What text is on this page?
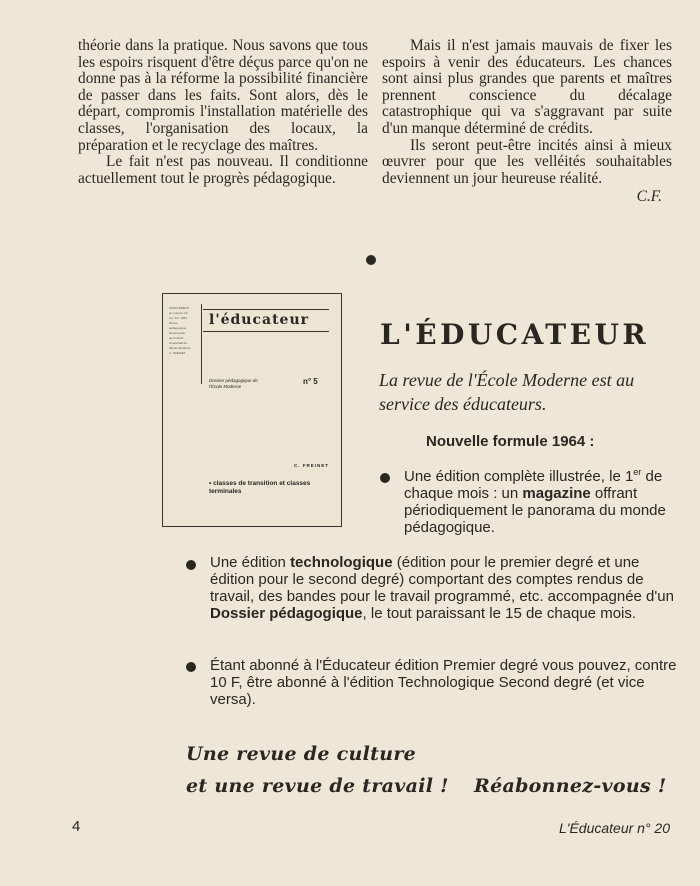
théorie dans la pratique. Nous savons que tous les espoirs risquent d'être déçus parce qu'on ne donne pas à la réforme la possibilité financière de passer dans les faits. Sont alors, dès le départ, compromis l'installation matérielle des classes, l'organisation des locaux, la préparation et le recyclage des maîtres.

Le fait n'est pas nouveau. Il conditionne actuellement tout le progrès pédagogique.

Mais il n'est jamais mauvais de fixer les espoirs à venir des éducateurs. Les chances sont ainsi plus grandes que parents et maîtres prennent conscience du décalage catastrophique qui va s'aggravant par suite d'un manque déterminé de crédits.

Ils seront peut-être incités ainsi à mieux œuvrer pour que les velléités souhaitables deviennent un jour heureuse réalité.

C.F.

SUPPLÉMENT
au numéro 20
1er Juil. 1964
Revue
pédagogique
bimensuelle
de l'Institut
Coopératif de
l'École Moderne
C. FREINET
l'éducateur
Dossier pédagogique de l'École Moderne
n° 5
C. FREINET
• classes de transition et classes terminales
L'ÉDUCATEUR
La revue de l'École Moderne est au service des éducateurs.
Nouvelle formule 1964 :
Une édition complète illustrée, le 1er de chaque mois : un magazine offrant périodiquement le panorama du monde pédagogique.
Une édition technologique (édition pour le premier degré et une édition pour le second degré) comportant des comptes rendus de travail, des bandes pour le travail programmé, etc. accompagnée d'un Dossier pédagogique, le tout paraissant le 15 de chaque mois.
Étant abonné à l'Éducateur édition Premier degré vous pouvez, contre 10 F, être abonné à l'édition Technologique Second degré (et vice versa).
Une revue de culture
et une revue de travail ! Réabonnez-vous !
4	L'Éducateur n° 20
